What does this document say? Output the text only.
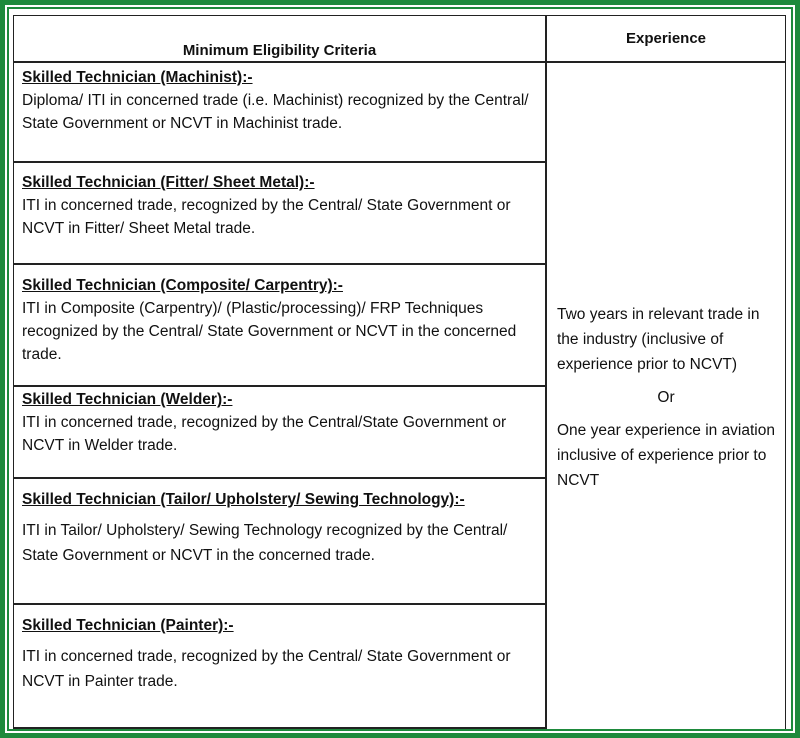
Minimum Eligibility Criteria
Experience
Skilled Technician (Machinist):-
Diploma/ ITI in concerned trade (i.e. Machinist) recognized by the Central/ State Government or NCVT in Machinist trade.
Skilled Technician (Fitter/ Sheet Metal):-
ITI in concerned trade, recognized by the Central/ State Government or NCVT in Fitter/ Sheet Metal trade.
Skilled Technician (Composite/ Carpentry):-
ITI in Composite (Carpentry)/ (Plastic/processing)/ FRP Techniques recognized by the Central/ State Government or NCVT in the concerned trade.
Skilled Technician (Welder):-
ITI in concerned trade, recognized by the Central/State Government or NCVT in Welder trade.
Skilled Technician (Tailor/ Upholstery/ Sewing Technology):-
ITI in Tailor/ Upholstery/ Sewing Technology recognized by the Central/ State Government or NCVT in the concerned trade.
Skilled Technician (Painter):-
ITI in concerned trade, recognized by the Central/ State Government or NCVT in Painter trade.
Two years in relevant trade in the industry (inclusive of experience prior to NCVT)
Or
One year experience in aviation inclusive of experience prior to NCVT
